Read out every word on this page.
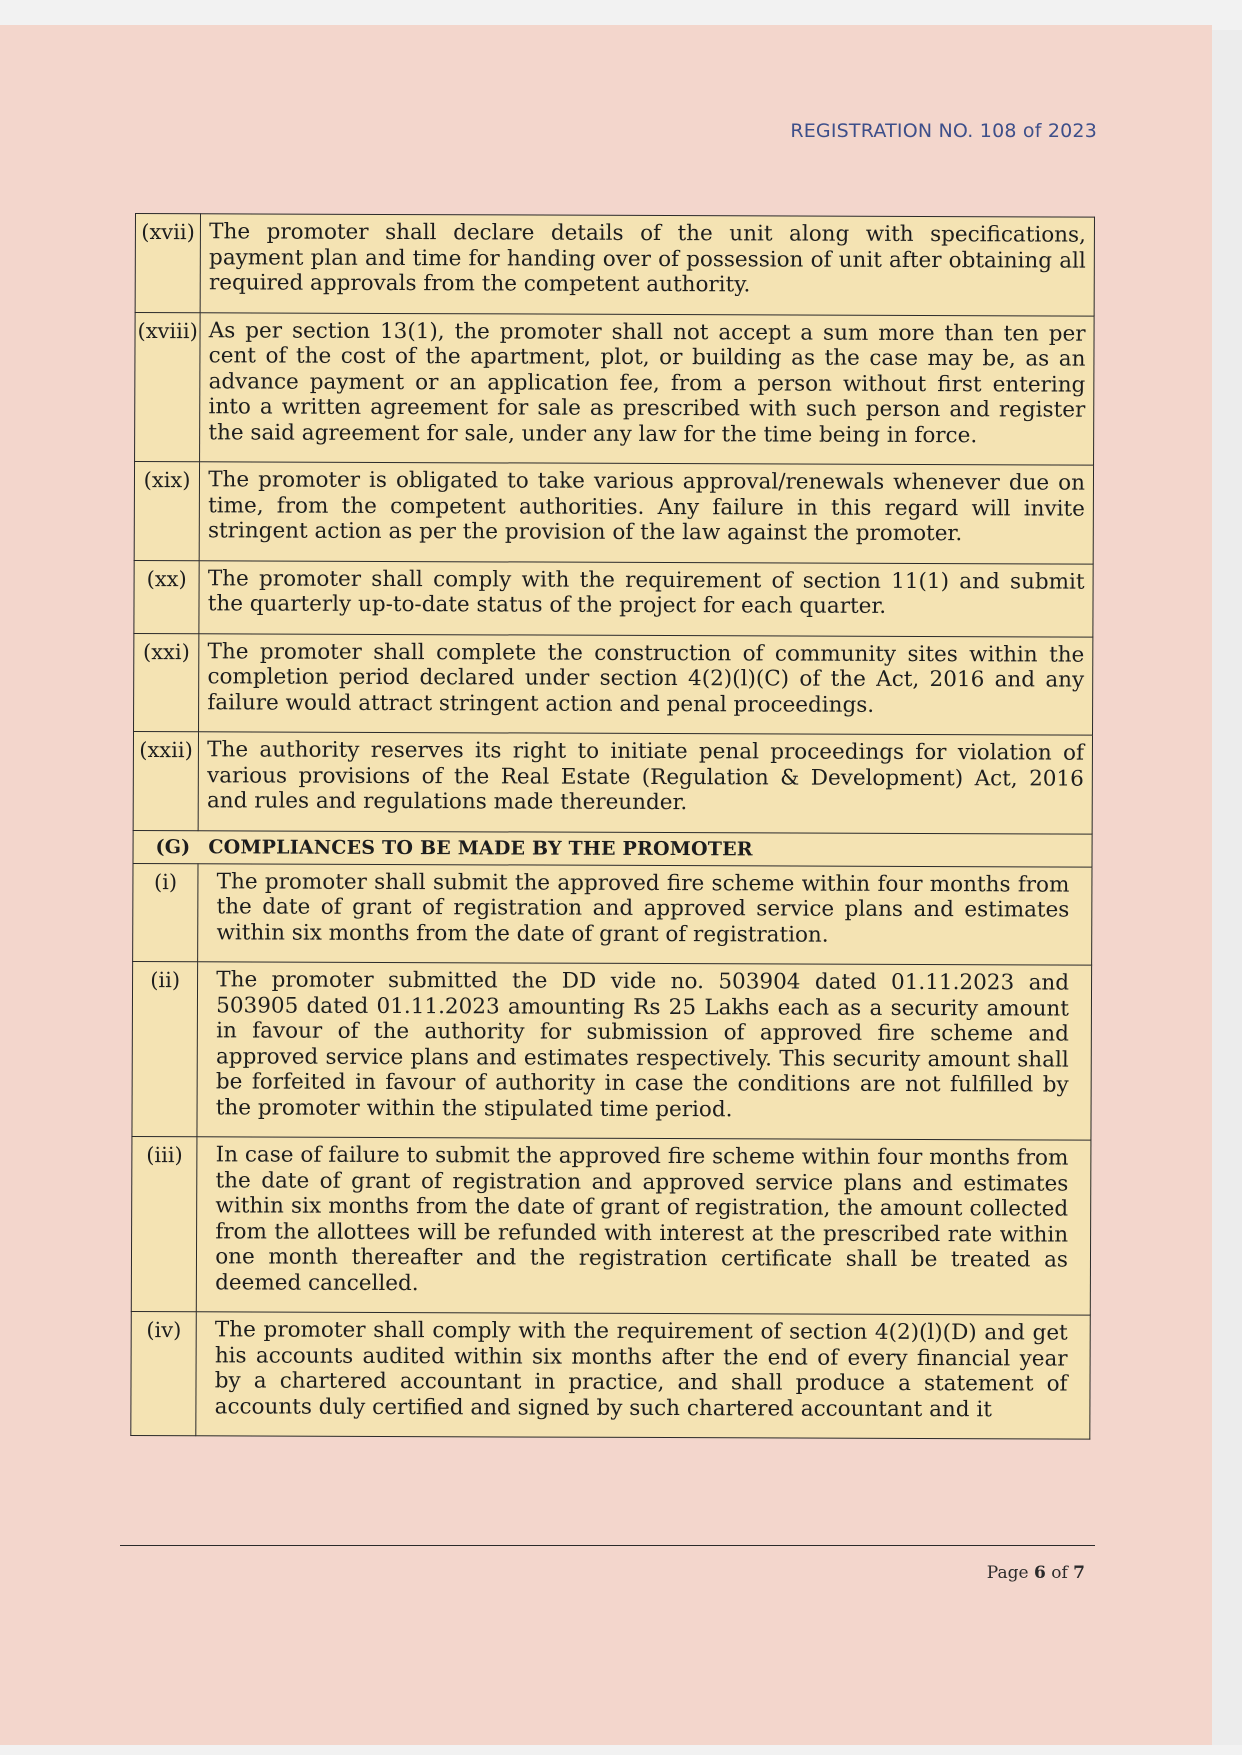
REGISTRATION NO. 108 of 2023
(xvii)	The promoter shall declare details of the unit along with specifications, payment plan and time for handing over of possession of unit after obtaining all required approvals from the competent authority.
(xviii)	As per section 13(1), the promoter shall not accept a sum more than ten per cent of the cost of the apartment, plot, or building as the case may be, as an advance payment or an application fee, from a person without first entering into a written agreement for sale as prescribed with such person and register the said agreement for sale, under any law for the time being in force.
(xix)	The promoter is obligated to take various approval/renewals whenever due on time, from the competent authorities. Any failure in this regard will invite stringent action as per the provision of the law against the promoter.
(xx)	The promoter shall comply with the requirement of section 11(1) and submit the quarterly up-to-date status of the project for each quarter.
(xxi)	The promoter shall complete the construction of community sites within the completion period declared under section 4(2)(l)(C) of the Act, 2016 and any failure would attract stringent action and penal proceedings.
(xxii)	The authority reserves its right to initiate penal proceedings for violation of various provisions of the Real Estate (Regulation & Development) Act, 2016 and rules and regulations made thereunder.
(G) COMPLIANCES TO BE MADE BY THE PROMOTER	
(i)	The promoter shall submit the approved fire scheme within four months from the date of grant of registration and approved service plans and estimates within six months from the date of grant of registration.
(ii)	The promoter submitted the DD vide no. 503904 dated 01.11.2023 and 503905 dated 01.11.2023 amounting Rs 25 Lakhs each as a security amount in favour of the authority for submission of approved fire scheme and approved service plans and estimates respectively. This security amount shall be forfeited in favour of authority in case the conditions are not fulfilled by the promoter within the stipulated time period.
(iii)	In case of failure to submit the approved fire scheme within four months from the date of grant of registration and approved service plans and estimates within six months from the date of grant of registration, the amount collected from the allottees will be refunded with interest at the prescribed rate within one month thereafter and the registration certificate shall be treated as deemed cancelled.
(iv)	The promoter shall comply with the requirement of section 4(2)(l)(D) and get his accounts audited within six months after the end of every financial year by a chartered accountant in practice, and shall produce a statement of accounts duly certified and signed by such chartered accountant and it
Page 6 of 7
